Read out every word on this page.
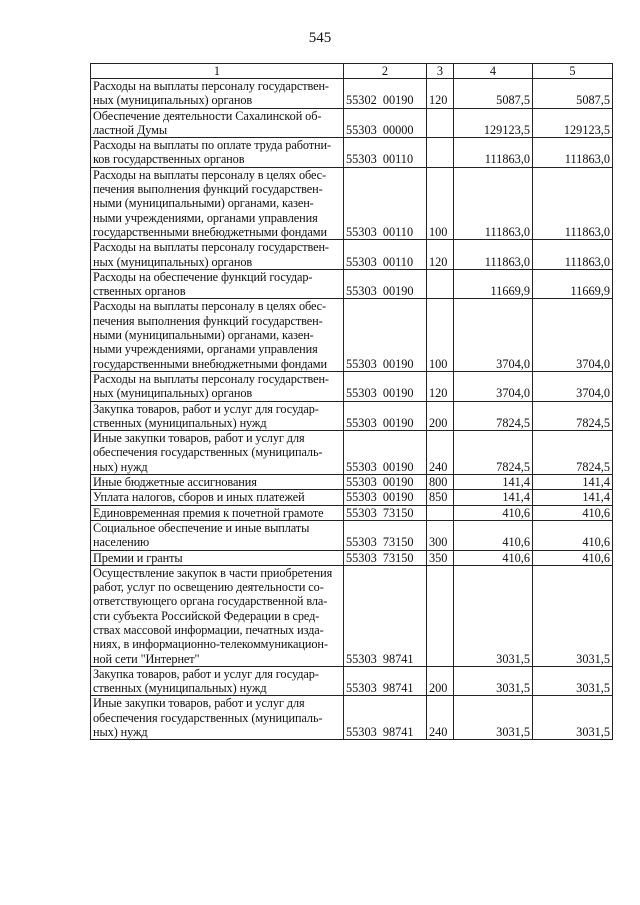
545
1	2	3	4	5
Расходы на выплаты персоналу государствен-ных (муниципальных) органов	55302 00190	120	5087,5	5087,5
Обеспечение деятельности Сахалинской об-ластной Думы	55303 00000		129123,5	129123,5
Расходы на выплаты по оплате труда работни-ков государственных органов	55303 00110		111863,0	111863,0
Расходы на выплаты персоналу в целях обес-печения выполнения функций государствен-ными (муниципальными) органами, казен-ными учреждениями, органами управления государственными внебюджетными фондами	55303 00110	100	111863,0	111863,0
Расходы на выплаты персоналу государствен-ных (муниципальных) органов	55303 00110	120	111863,0	111863,0
Расходы на обеспечение функций государ-ственных органов	55303 00190		11669,9	11669,9
Расходы на выплаты персоналу в целях обес-печения выполнения функций государствен-ными (муниципальными) органами, казен-ными учреждениями, органами управления государственными внебюджетными фондами	55303 00190	100	3704,0	3704,0
Расходы на выплаты персоналу государствен-ных (муниципальных) органов	55303 00190	120	3704,0	3704,0
Закупка товаров, работ и услуг для государ-ственных (муниципальных) нужд	55303 00190	200	7824,5	7824,5
Иные закупки товаров, работ и услуг для обеспечения государственных (муниципаль-ных) нужд	55303 00190	240	7824,5	7824,5
Иные бюджетные ассигнования	55303 00190	800	141,4	141,4
Уплата налогов, сборов и иных платежей	55303 00190	850	141,4	141,4
Единовременная премия к почетной грамоте	55303 73150		410,6	410,6
Социальное обеспечение и иные выплаты населению	55303 73150	300	410,6	410,6
Премии и гранты	55303 73150	350	410,6	410,6
Осуществление закупок в части приобретения работ, услуг по освещению деятельности со-ответствующего органа государственной вла-сти субъекта Российской Федерации в сред-ствах массовой информации, печатных изда-ниях, в информационно-телекоммуникацион-ной сети "Интернет"	55303 98741		3031,5	3031,5
Закупка товаров, работ и услуг для государ-ственных (муниципальных) нужд	55303 98741	200	3031,5	3031,5
Иные закупки товаров, работ и услуг для обеспечения государственных (муниципаль-ных) нужд	55303 98741	240	3031,5	3031,5
